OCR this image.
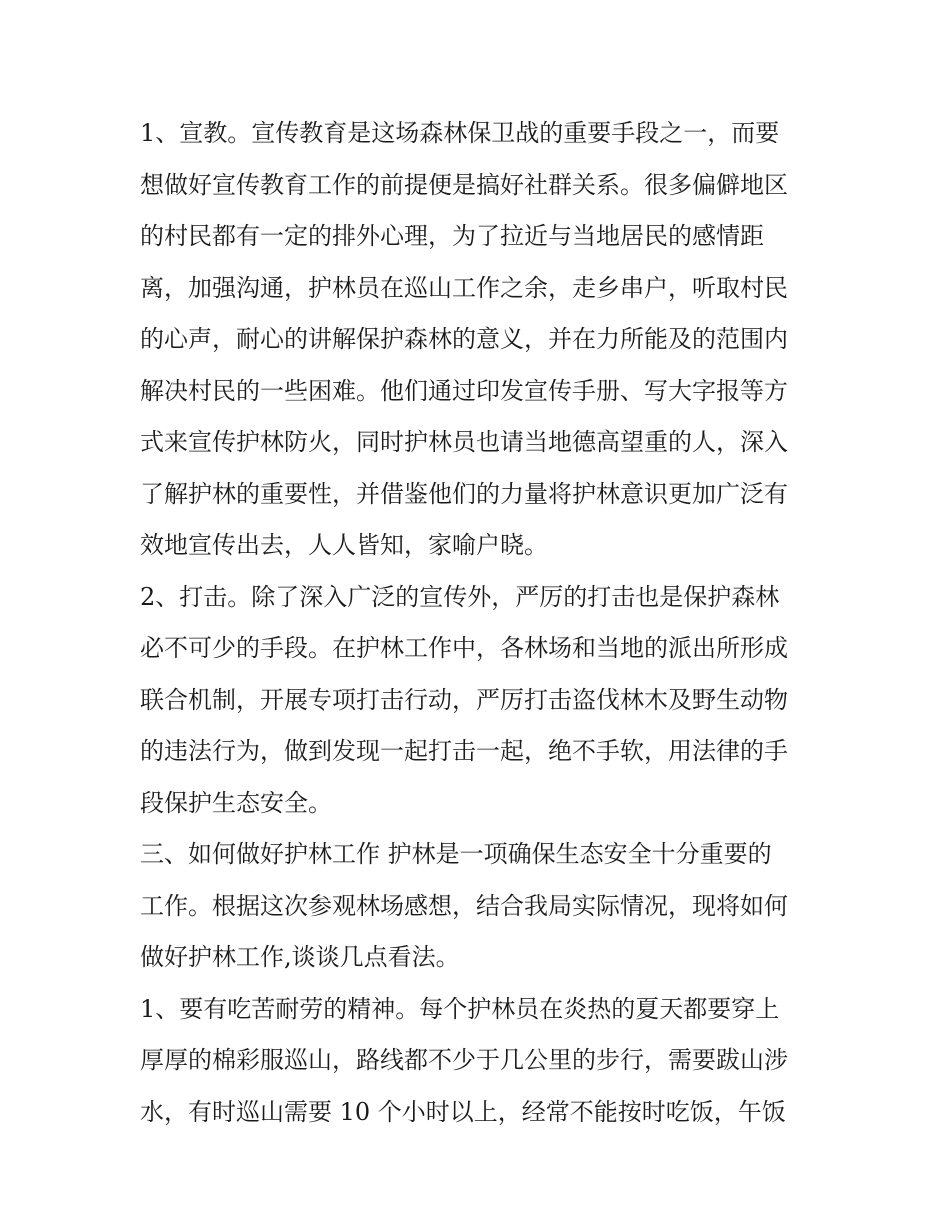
1、宣教。宣传教育是这场森林保卫战的重要手段之一，而要
想做好宣传教育工作的前提便是搞好社群关系。很多偏僻地区
的村民都有一定的排外心理，为了拉近与当地居民的感情距
离，加强沟通，护林员在巡山工作之余，走乡串户，听取村民
的心声，耐心的讲解保护森林的意义，并在力所能及的范围内
解决村民的一些困难。他们通过印发宣传手册、写大字报等方
式来宣传护林防火，同时护林员也请当地德高望重的人，深入
了解护林的重要性，并借鉴他们的力量将护林意识更加广泛有
效地宣传出去，人人皆知，家喻户晓。
2、打击。除了深入广泛的宣传外，严厉的打击也是保护森林
必不可少的手段。在护林工作中，各林场和当地的派出所形成
联合机制，开展专项打击行动，严厉打击盗伐林木及野生动物
的违法行为，做到发现一起打击一起，绝不手软，用法律的手
段保护生态安全。
三、如何做好护林工作 护林是一项确保生态安全十分重要的
工作。根据这次参观林场感想，结合我局实际情况，现将如何
做好护林工作,谈谈几点看法。
1、要有吃苦耐劳的精神。每个护林员在炎热的夏天都要穿上
厚厚的棉彩服巡山，路线都不少于几公里的步行，需要跋山涉
水，有时巡山需要 10 个小时以上，经常不能按时吃饭，午饭
